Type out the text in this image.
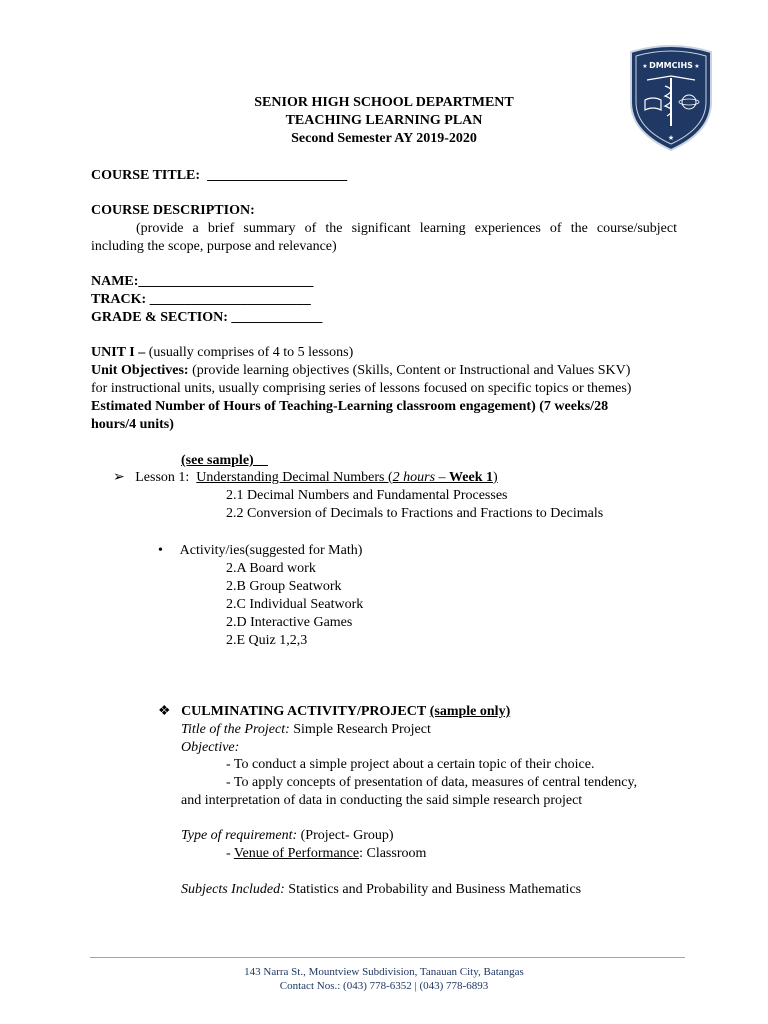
DMMCIHS
★	★
★
SENIOR HIGH SCHOOL DEPARTMENT
TEACHING LEARNING PLAN
Second Semester AY 2019-2020
COURSE TITLE: ____________________
COURSE DESCRIPTION:
(provide a brief summary of the significant learning experiences of the course/subject
including the scope, purpose and relevance)
NAME:_________________________
TRACK: _______________________
GRADE & SECTION: _____________
UNIT I – (usually comprises of 4 to 5 lessons)
Unit Objectives: (provide learning objectives (Skills, Content or Instructional and Values SKV)
for instructional units, usually comprising series of lessons focused on specific topics or themes)
Estimated Number of Hours of Teaching-Learning classroom engagement) (7 weeks/28
hours/4 units)
(see sample)__
➢ Lesson 1: Understanding Decimal Numbers (2 hours – Week 1)
2.1 Decimal Numbers and Fundamental Processes
2.2 Conversion of Decimals to Fractions and Fractions to Decimals
• Activity/ies(suggested for Math)
2.A Board work
2.B Group Seatwork
2.C Individual Seatwork
2.D Interactive Games
2.E Quiz 1,2,3
❖ CULMINATING ACTIVITY/PROJECT (sample only)
Title of the Project: Simple Research Project
Objective:
- To conduct a simple project about a certain topic of their choice.
- To apply concepts of presentation of data, measures of central tendency,
and interpretation of data in conducting the said simple research project
Type of requirement: (Project- Group)
- Venue of Performance: Classroom
Subjects Included: Statistics and Probability and Business Mathematics
143 Narra St., Mountview Subdivision, Tanauan City, Batangas
Contact Nos.: (043) 778-6352 | (043) 778-6893
